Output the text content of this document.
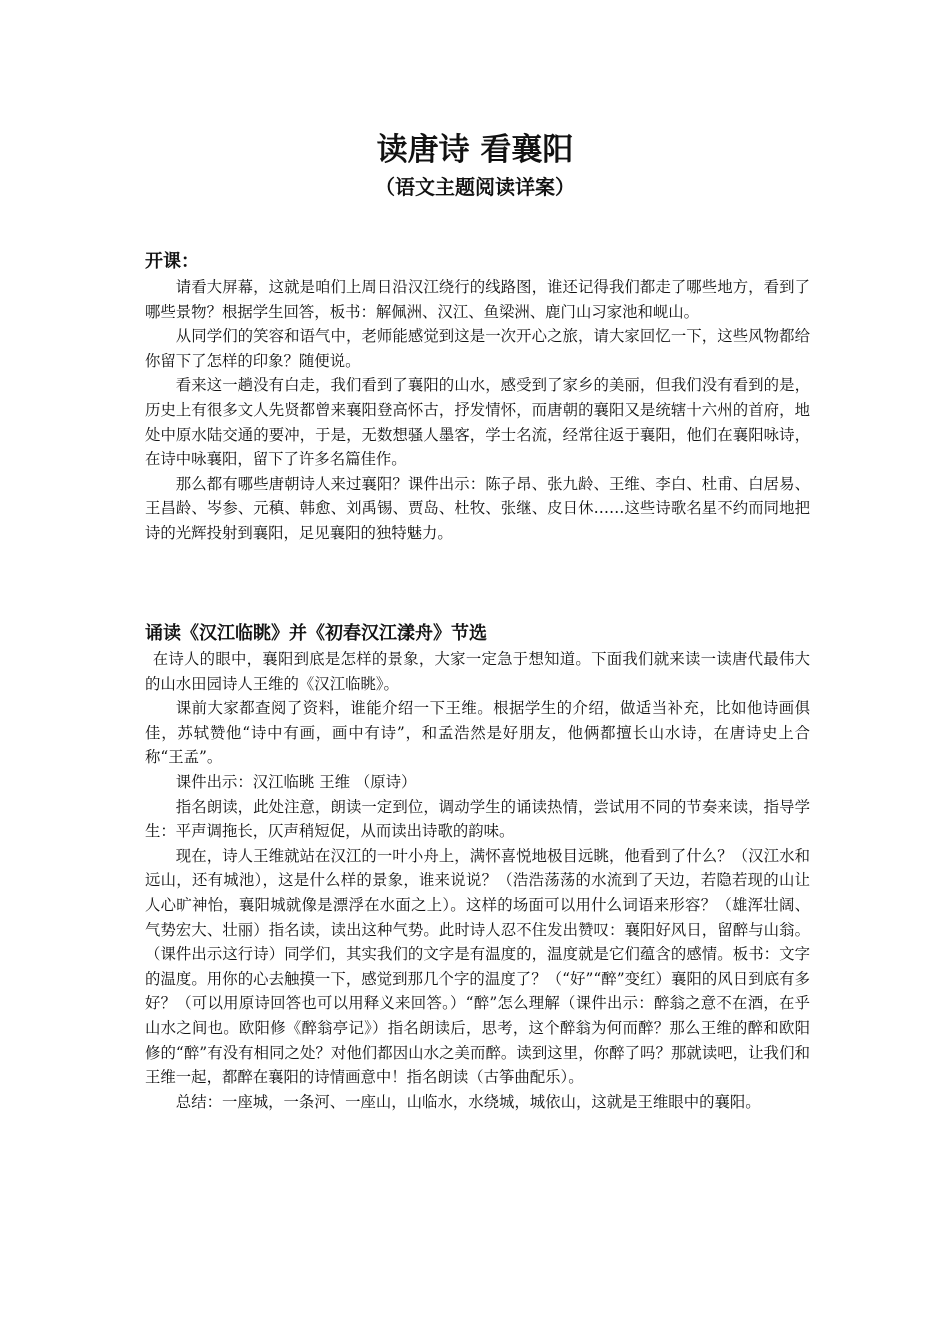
读唐诗 看襄阳
（语文主题阅读详案）
开课：

请看大屏幕，这就是咱们上周日沿汉江绕行的线路图，谁还记得我们都走了哪些地方，看到了哪些景物？根据学生回答，板书：解佩洲、汉江、鱼梁洲、鹿门山习家池和岘山。

从同学们的笑容和语气中，老师能感觉到这是一次开心之旅，请大家回忆一下，这些风物都给你留下了怎样的印象？随便说。

看来这一趟没有白走，我们看到了襄阳的山水，感受到了家乡的美丽，但我们没有看到的是，历史上有很多文人先贤都曾来襄阳登高怀古，抒发情怀，而唐朝的襄阳又是统辖十六州的首府，地处中原水陆交通的要冲，于是，无数想骚人墨客，学士名流，经常往返于襄阳，他们在襄阳咏诗，在诗中咏襄阳，留下了许多名篇佳作。

那么都有哪些唐朝诗人来过襄阳？课件出示：陈子昂、张九龄、王维、李白、杜甫、白居易、王昌龄、岑参、元稹、韩愈、刘禹锡、贾岛、杜牧、张继、皮日休……这些诗歌名星不约而同地把诗的光辉投射到襄阳，足见襄阳的独特魅力。

诵读《汉江临眺》并《初春汉江漾舟》节选

在诗人的眼中，襄阳到底是怎样的景象，大家一定急于想知道。下面我们就来读一读唐代最伟大的山水田园诗人王维的《汉江临眺》。

课前大家都查阅了资料，谁能介绍一下王维。根据学生的介绍，做适当补充，比如他诗画俱佳，苏轼赞他“诗中有画，画中有诗”，和孟浩然是好朋友，他俩都擅长山水诗，在唐诗史上合称“王孟”。

课件出示：汉江临眺 王维 （原诗）

指名朗读，此处注意，朗读一定到位，调动学生的诵读热情，尝试用不同的节奏来读，指导学生：平声调拖长，仄声稍短促，从而读出诗歌的韵味。

现在，诗人王维就站在汉江的一叶小舟上，满怀喜悦地极目远眺，他看到了什么？（汉江水和远山，还有城池），这是什么样的景象，谁来说说？（浩浩荡荡的水流到了天边，若隐若现的山让人心旷神怡，襄阳城就像是漂浮在水面之上）。这样的场面可以用什么词语来形容？（雄浑壮阔、气势宏大、壮丽）指名读，读出这种气势。此时诗人忍不住发出赞叹：襄阳好风日，留醉与山翁。（课件出示这行诗）同学们，其实我们的文字是有温度的，温度就是它们蕴含的感情。板书：文字的温度。用你的心去触摸一下，感觉到那几个字的温度了？（“好”“醉”变红）襄阳的风日到底有多好？（可以用原诗回答也可以用释义来回答。）“醉”怎么理解（课件出示：醉翁之意不在酒，在乎山水之间也。欧阳修《醉翁亭记》）指名朗读后，思考，这个醉翁为何而醉？那么王维的醉和欧阳修的“醉”有没有相同之处？对他们都因山水之美而醉。读到这里，你醉了吗？那就读吧，让我们和王维一起，都醉在襄阳的诗情画意中！指名朗读（古筝曲配乐）。

总结：一座城，一条河、一座山，山临水，水绕城，城依山，这就是王维眼中的襄阳。
